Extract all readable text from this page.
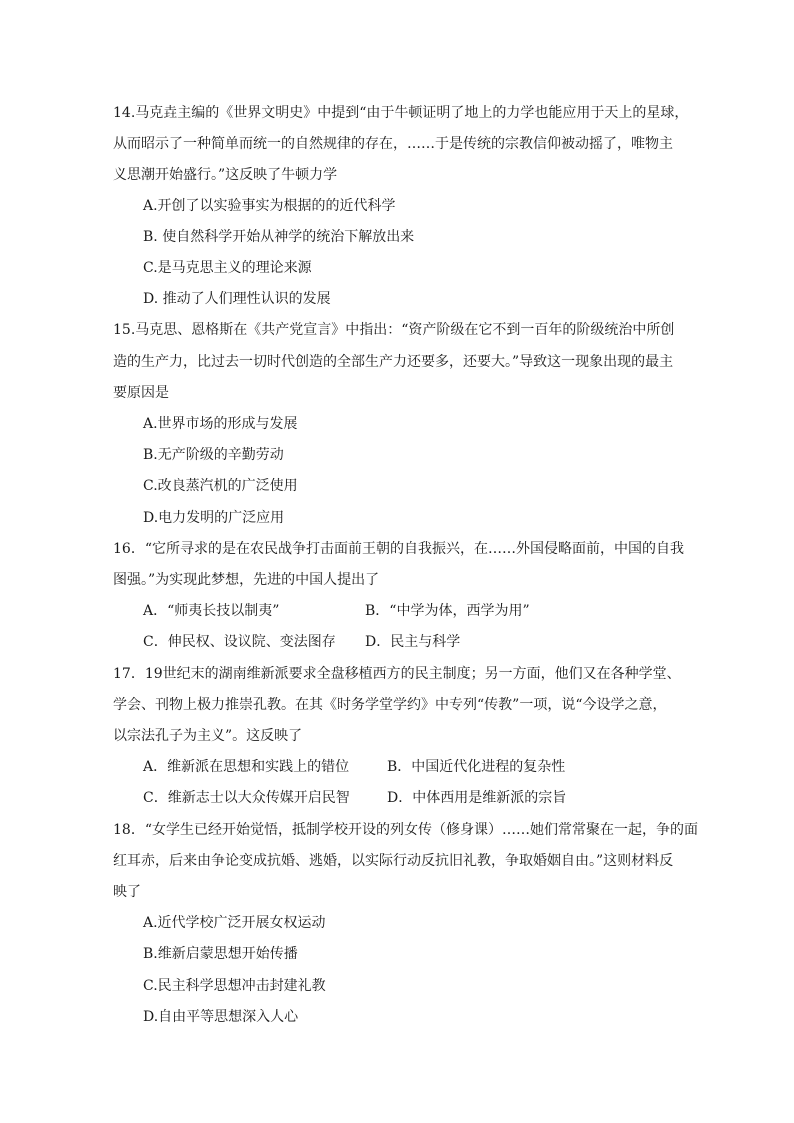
14.马克垚主编的《世界文明史》中提到“由于牛顿证明了地上的力学也能应用于天上的星球，
从而昭示了一种简单而统一的自然规律的存在，……于是传统的宗教信仰被动摇了，唯物主
义思潮开始盛行。”这反映了牛顿力学
A.开创了以实验事实为根据的的近代科学
B. 使自然科学开始从神学的统治下解放出来
C.是马克思主义的理论来源
D. 推动了人们理性认识的发展
15.马克思、恩格斯在《共产党宣言》中指出：“资产阶级在它不到一百年的阶级统治中所创
造的生产力，比过去一切时代创造的全部生产力还要多，还要大。”导致这一现象出现的最主
要原因是
A.世界市场的形成与发展
B.无产阶级的辛勤劳动
C.改良蒸汽机的广泛使用
D.电力发明的广泛应用
16．“它所寻求的是在农民战争打击面前王朝的自我振兴，在……外国侵略面前，中国的自我
图强。”为实现此梦想，先进的中国人提出了
A．“师夷长技以制夷”	B．“中学为体，西学为用”
C．伸民权、设议院、变法图存 D．民主与科学
17．19世纪末的湖南维新派要求全盘移植西方的民主制度；另一方面，他们又在各种学堂、
学会、刊物上极力推崇孔教。在其《时务学堂学约》中专列“传教”一项，说“今设学之意，
以宗法孔子为主义”。这反映了
A．维新派在思想和实践上的错位	B．中国近代化进程的复杂性
C．维新志士以大众传媒开启民智	D．中体西用是维新派的宗旨
18．“女学生已经开始觉悟，抵制学校开设的列女传（修身课）……她们常常聚在一起，争的面
红耳赤，后来由争论变成抗婚、逃婚，以实际行动反抗旧礼教，争取婚姻自由。”这则材料反
映了
A.近代学校广泛开展女权运动
B.维新启蒙思想开始传播
C.民主科学思想冲击封建礼教
D.自由平等思想深入人心
